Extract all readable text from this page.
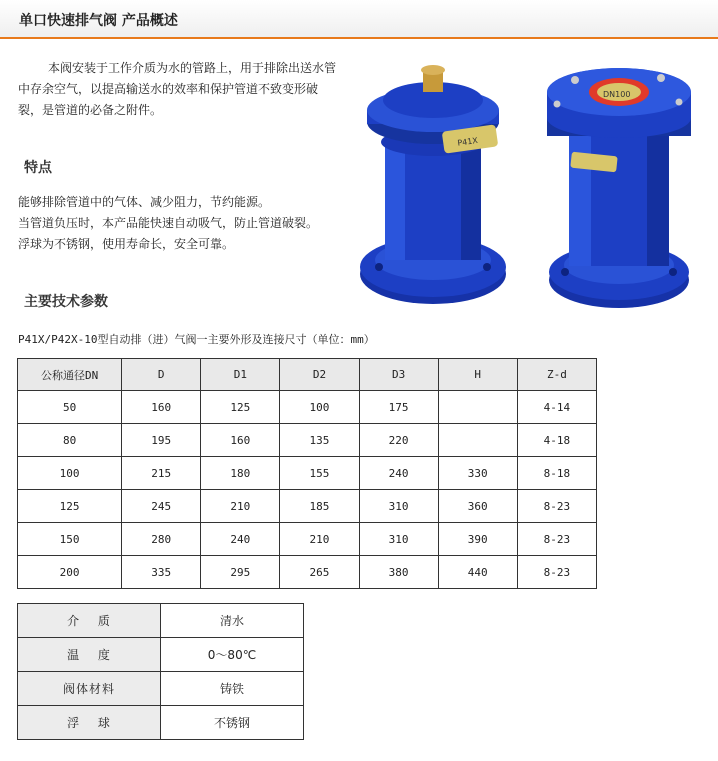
单口快速排气阀 产品概述

本阀安装于工作介质为水的管路上，用于排除出送水管中存余空气，以提高输送水的效率和保护管道不致变形破裂，是管道的必备之附件。

特点
能够排除管道中的气体、减少阻力，节约能源。
当管道负压时，本产品能快速自动吸气，防止管道破裂。
浮球为不锈钢，使用寿命长，安全可靠。
P41X
DN100
主要技术参数
P41X/P42X-10型自动排（进）气阀一主要外形及连接尺寸（单位：mm）
公称通径DN	D	D1	D2	D3	H	Z-d
50	160	125	100	175		4-14
80	195	160	135	220		4-18
100	215	180	155	240	330	8-18
125	245	210	185	310	360	8-23
150	280	240	210	310	390	8-23
200	335	295	265	380	440	8-23
介　 质	清水
温　 度	0～80℃
阀体材料	铸铁
浮　 球	不锈钢
